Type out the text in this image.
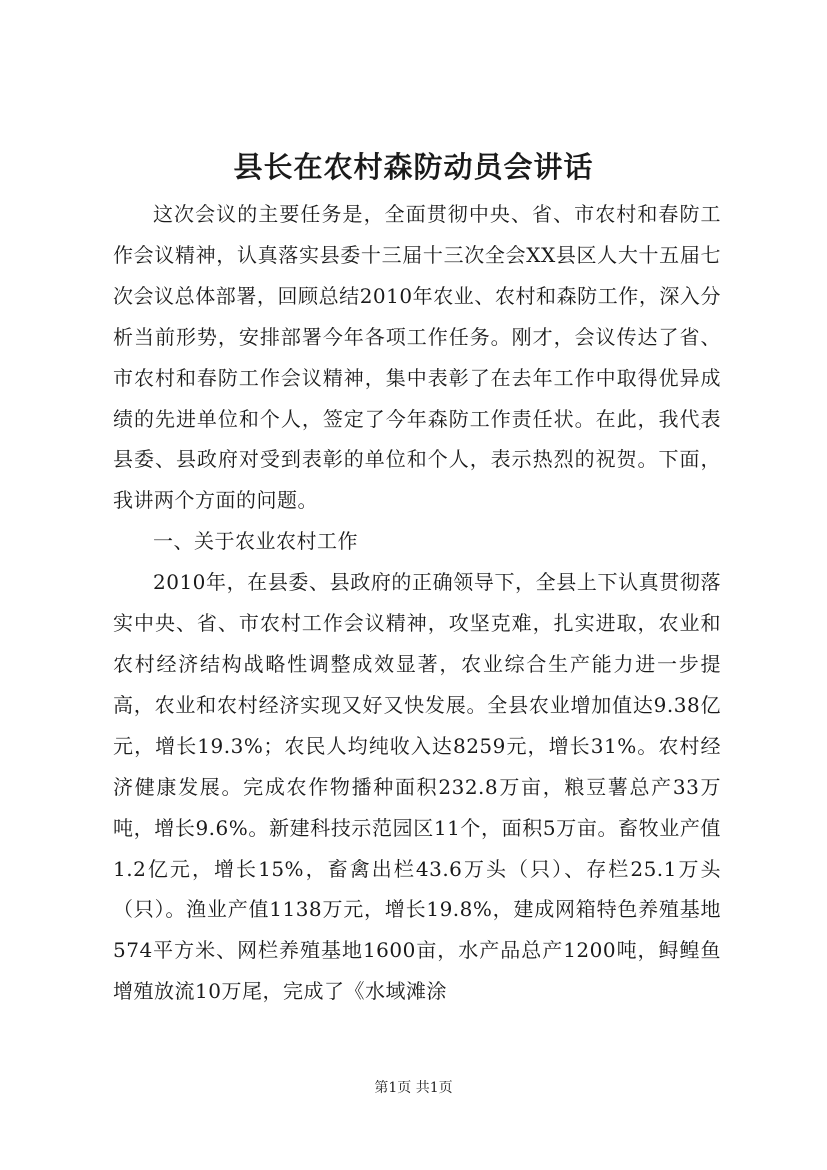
县长在农村森防动员会讲话

这次会议的主要任务是，全面贯彻中央、省、市农村和春防工作会议精神，认真落实县委十三届十三次全会XX县区人大十五届七次会议总体部署，回顾总结2010年农业、农村和森防工作，深入分析当前形势，安排部署今年各项工作任务。刚才，会议传达了省、市农村和春防工作会议精神，集中表彰了在去年工作中取得优异成绩的先进单位和个人，签定了今年森防工作责任状。在此，我代表县委、县政府对受到表彰的单位和个人，表示热烈的祝贺。下面，我讲两个方面的问题。

一、关于农业农村工作

2010年，在县委、县政府的正确领导下，全县上下认真贯彻落实中央、省、市农村工作会议精神，攻坚克难，扎实进取，农业和农村经济结构战略性调整成效显著，农业综合生产能力进一步提高，农业和农村经济实现又好又快发展。全县农业增加值达9.38亿元，增长19.3%；农民人均纯收入达8259元，增长31%。农村经济健康发展。完成农作物播种面积232.8万亩，粮豆薯总产33万吨，增长9.6%。新建科技示范园区11个，面积5万亩。畜牧业产值1.2亿元，增长15%，畜禽出栏43.6万头（只）、存栏25.1万头（只）。渔业产值1138万元，增长19.8%，建成网箱特色养殖基地574平方米、网栏养殖基地1600亩，水产品总产1200吨，鲟鳇鱼增殖放流10万尾，完成了《水域滩涂

第1页 共1页
